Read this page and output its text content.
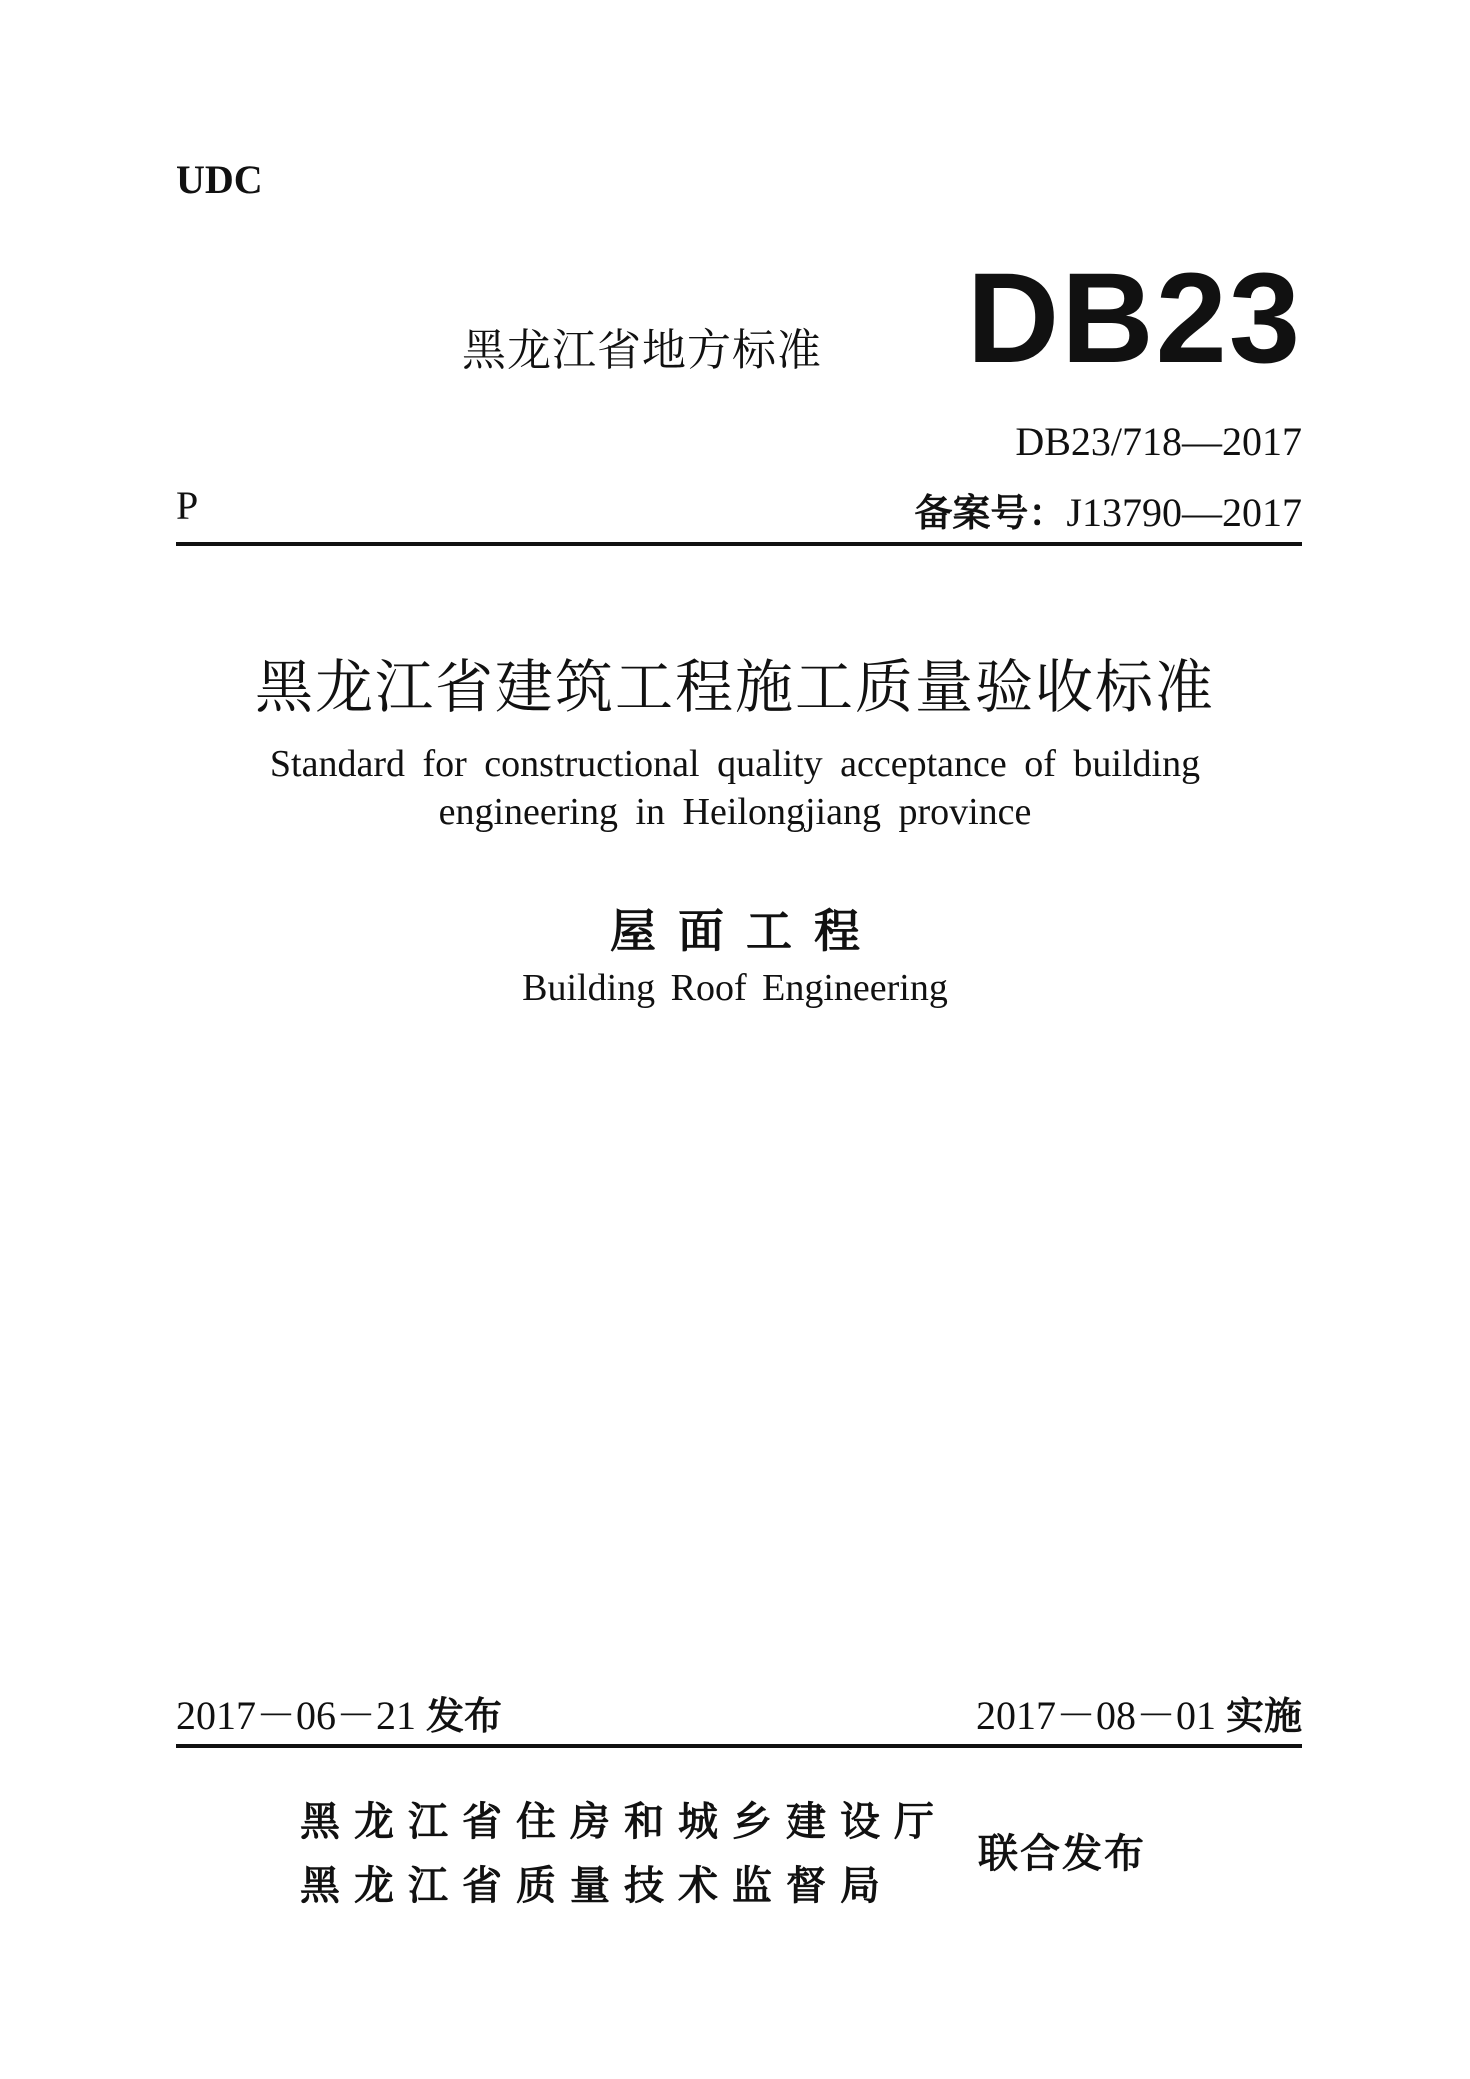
UDC
黑龙江省地方标准 DB23
DB23/718—2017
P	备案号：J13790—2017
黑龙江省建筑工程施工质量验收标准
Standard for constructional quality acceptance of building
engineering in Heilongjiang province
屋面工程
Building Roof Engineering
2017－06－21 发布	2017－08－01 实施
黑龙江省住房和城乡建设厅
黑龙江省质量技术监督局
联合发布
